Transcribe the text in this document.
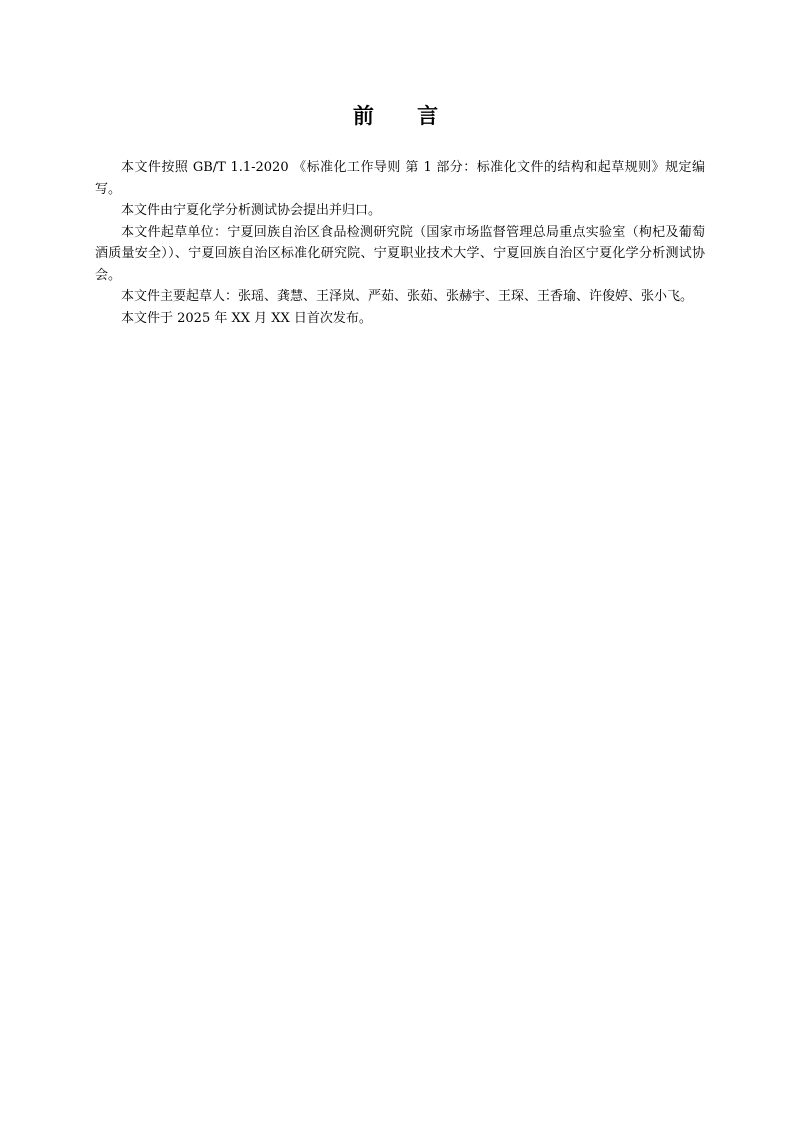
前 言

本文件按照 GB/T 1.1-2020 《标准化工作导则 第 1 部分：标准化文件的结构和起草规则》规定编写。

本文件由宁夏化学分析测试协会提出并归口。

本文件起草单位：宁夏回族自治区食品检测研究院（国家市场监督管理总局重点实验室（枸杞及葡萄酒质量安全））、宁夏回族自治区标准化研究院、宁夏职业技术大学、宁夏回族自治区宁夏化学分析测试协会。

本文件主要起草人：张瑶、龚慧、王泽岚、严茹、张茹、张赫宇、王琛、王香瑜、许俊婷、张小飞。

本文件于 2025 年 XX 月 XX 日首次发布。
